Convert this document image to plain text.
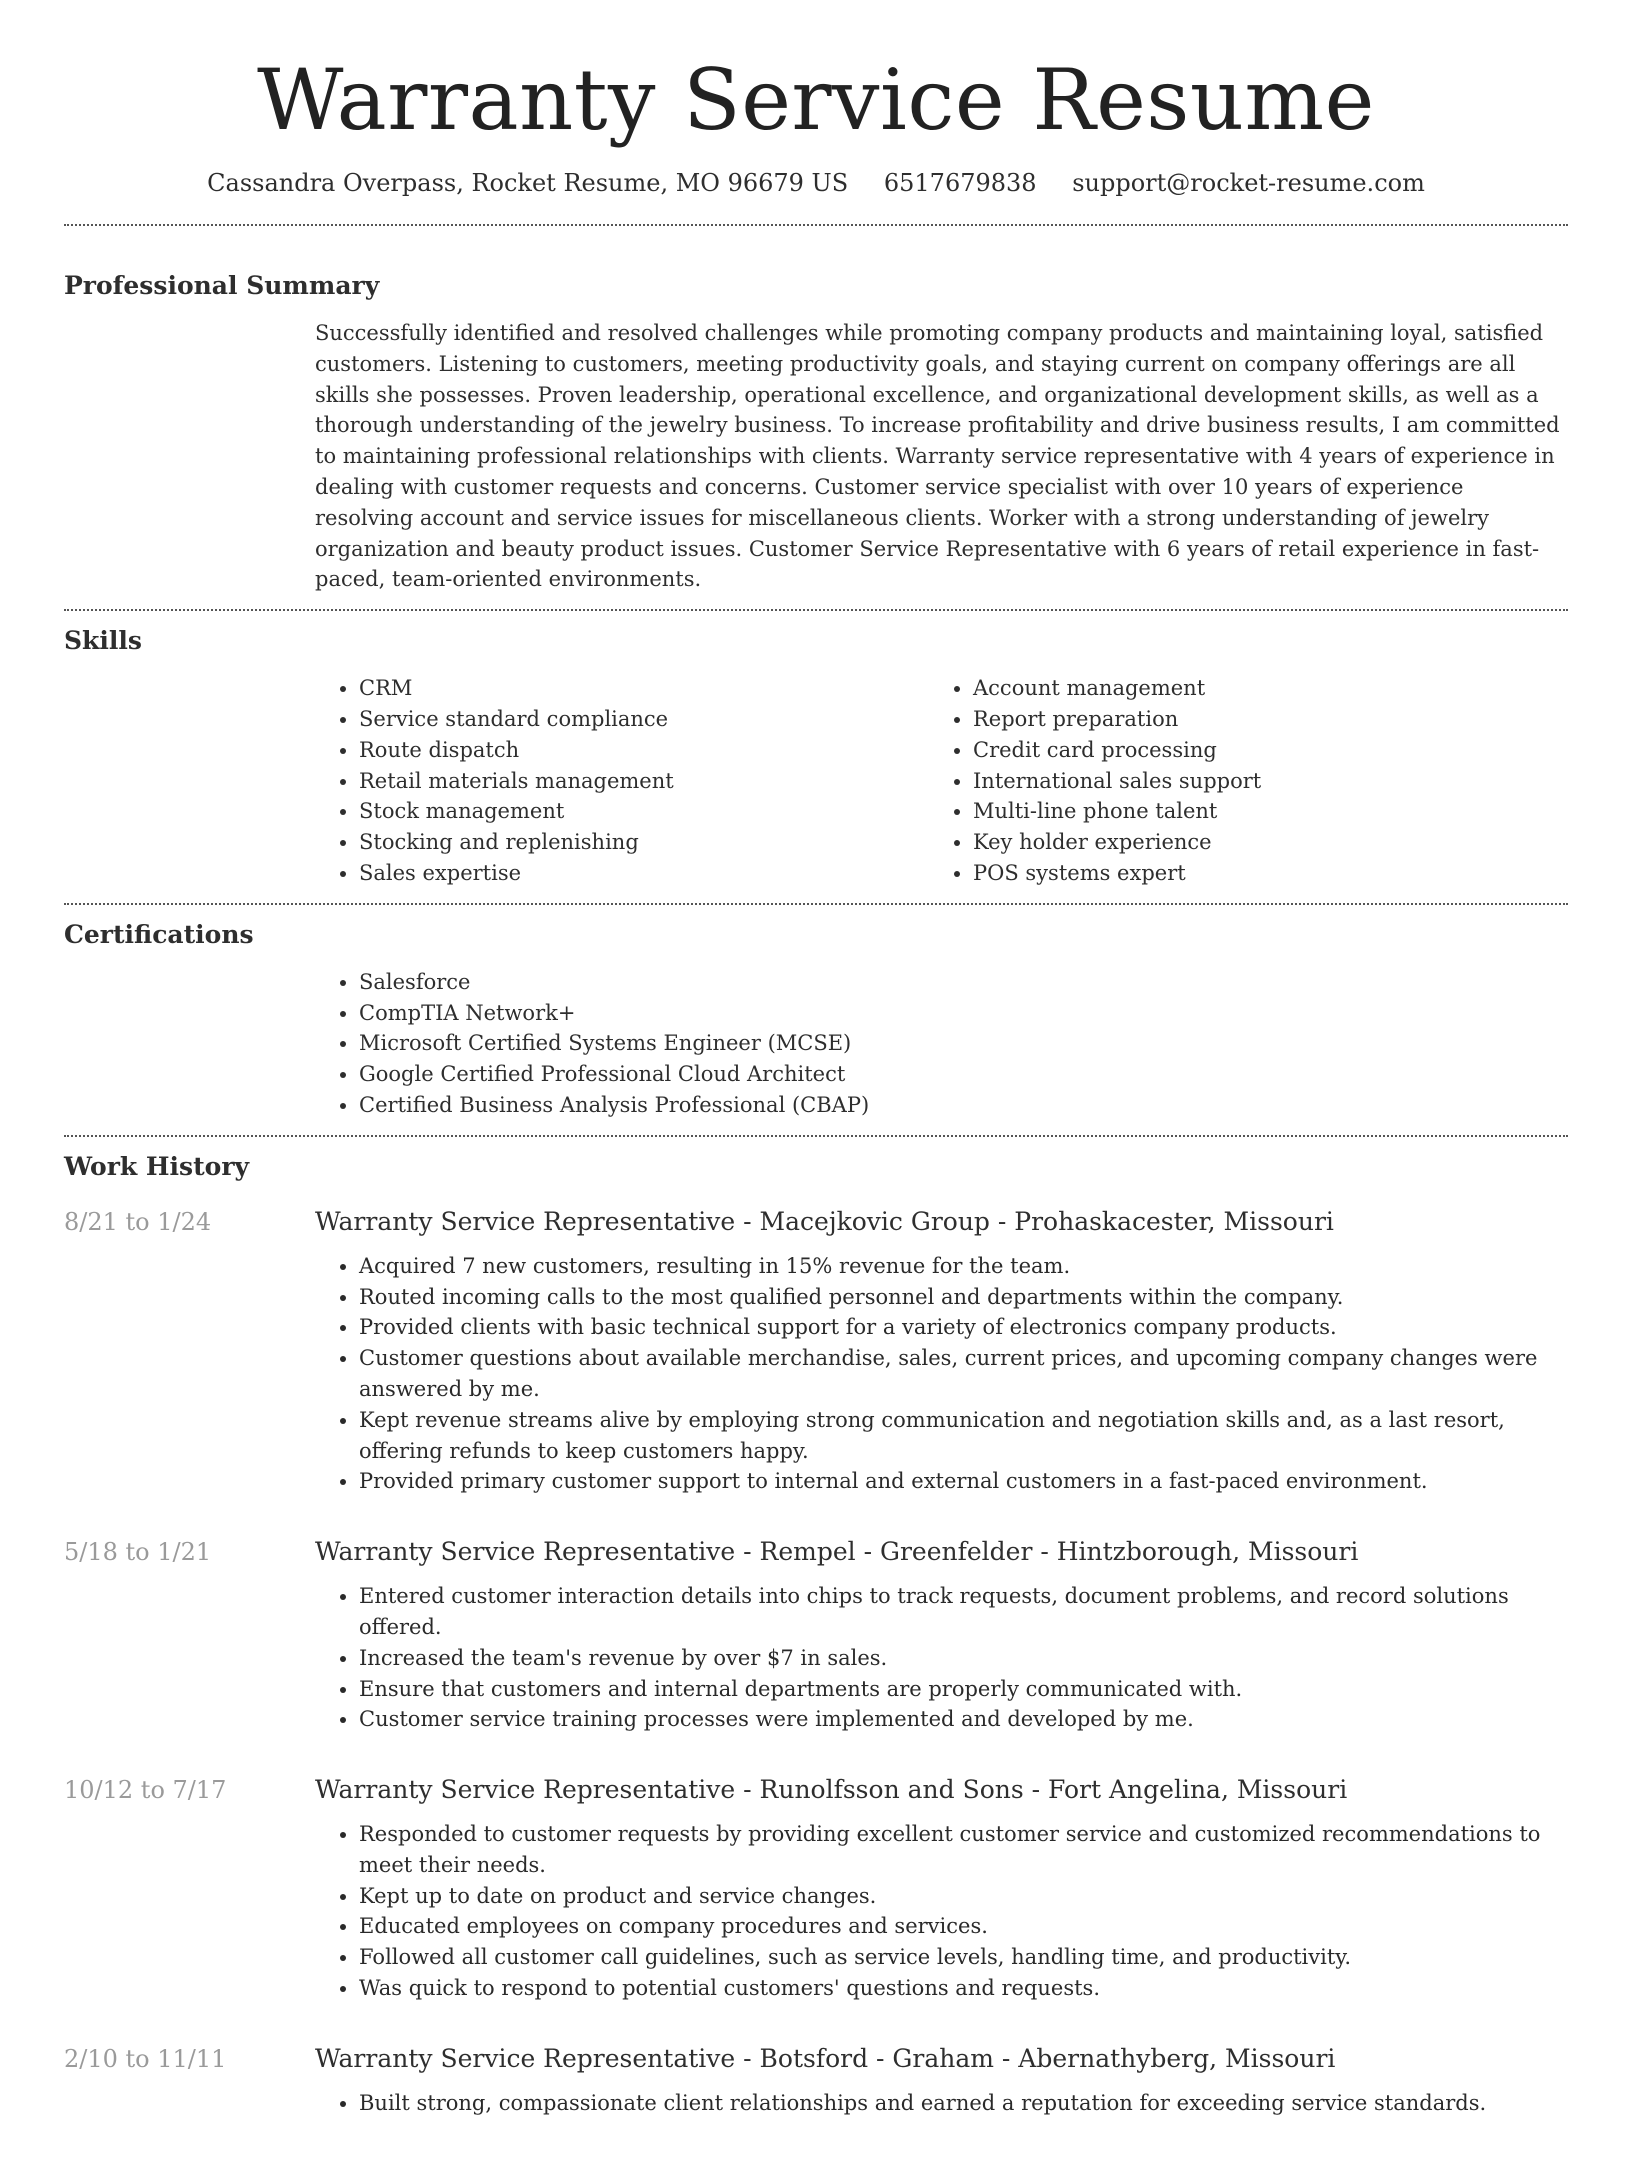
Warranty Service Resume
Cassandra Overpass, Rocket Resume, MO 96679 US 6517679838 support@rocket-resume.com
Professional Summary

Successfully identified and resolved challenges while promoting company products and maintaining loyal, satisfied customers. Listening to customers, meeting productivity goals, and staying current on company offerings are all skills she possesses. Proven leadership, operational excellence, and organizational development skills, as well as a thorough understanding of the jewelry business. To increase profitability and drive business results, I am committed to maintaining professional relationships with clients. Warranty service representative with 4 years of experience in dealing with customer requests and concerns. Customer service specialist with over 10 years of experience resolving account and service issues for miscellaneous clients. Worker with a strong understanding of jewelry organization and beauty product issues. Customer Service Representative with 6 years of retail experience in fast-paced, team-oriented environments.

Skills
• CRM
• Service standard compliance
• Route dispatch
• Retail materials management
• Stock management
• Stocking and replenishing
• Sales expertise
• Account management
• Report preparation
• Credit card processing
• International sales support
• Multi-line phone talent
• Key holder experience
• POS systems expert
Certifications
• Salesforce
• CompTIA Network+
• Microsoft Certified Systems Engineer (MCSE)
• Google Certified Professional Cloud Architect
• Certified Business Analysis Professional (CBAP)
Work History
8/21 to 1/24	Warranty Service Representative - Macejkovic Group - Prohaskacester, Missouri
• Acquired 7 new customers, resulting in 15% revenue for the team.
• Routed incoming calls to the most qualified personnel and departments within the company.
• Provided clients with basic technical support for a variety of electronics company products.
• Customer questions about available merchandise, sales, current prices, and upcoming company changes were answered by me.
• Kept revenue streams alive by employing strong communication and negotiation skills and, as a last resort, offering refunds to keep customers happy.
• Provided primary customer support to internal and external customers in a fast-paced environment.
5/18 to 1/21	Warranty Service Representative - Rempel - Greenfelder - Hintzborough, Missouri
• Entered customer interaction details into chips to track requests, document problems, and record solutions offered.
• Increased the team's revenue by over $7 in sales.
• Ensure that customers and internal departments are properly communicated with.
• Customer service training processes were implemented and developed by me.
10/12 to 7/17	Warranty Service Representative - Runolfsson and Sons - Fort Angelina, Missouri
• Responded to customer requests by providing excellent customer service and customized recommendations to meet their needs.
• Kept up to date on product and service changes.
• Educated employees on company procedures and services.
• Followed all customer call guidelines, such as service levels, handling time, and productivity.
• Was quick to respond to potential customers' questions and requests.
2/10 to 11/11	Warranty Service Representative - Botsford - Graham - Abernathyberg, Missouri
• Built strong, compassionate client relationships and earned a reputation for exceeding service standards.
